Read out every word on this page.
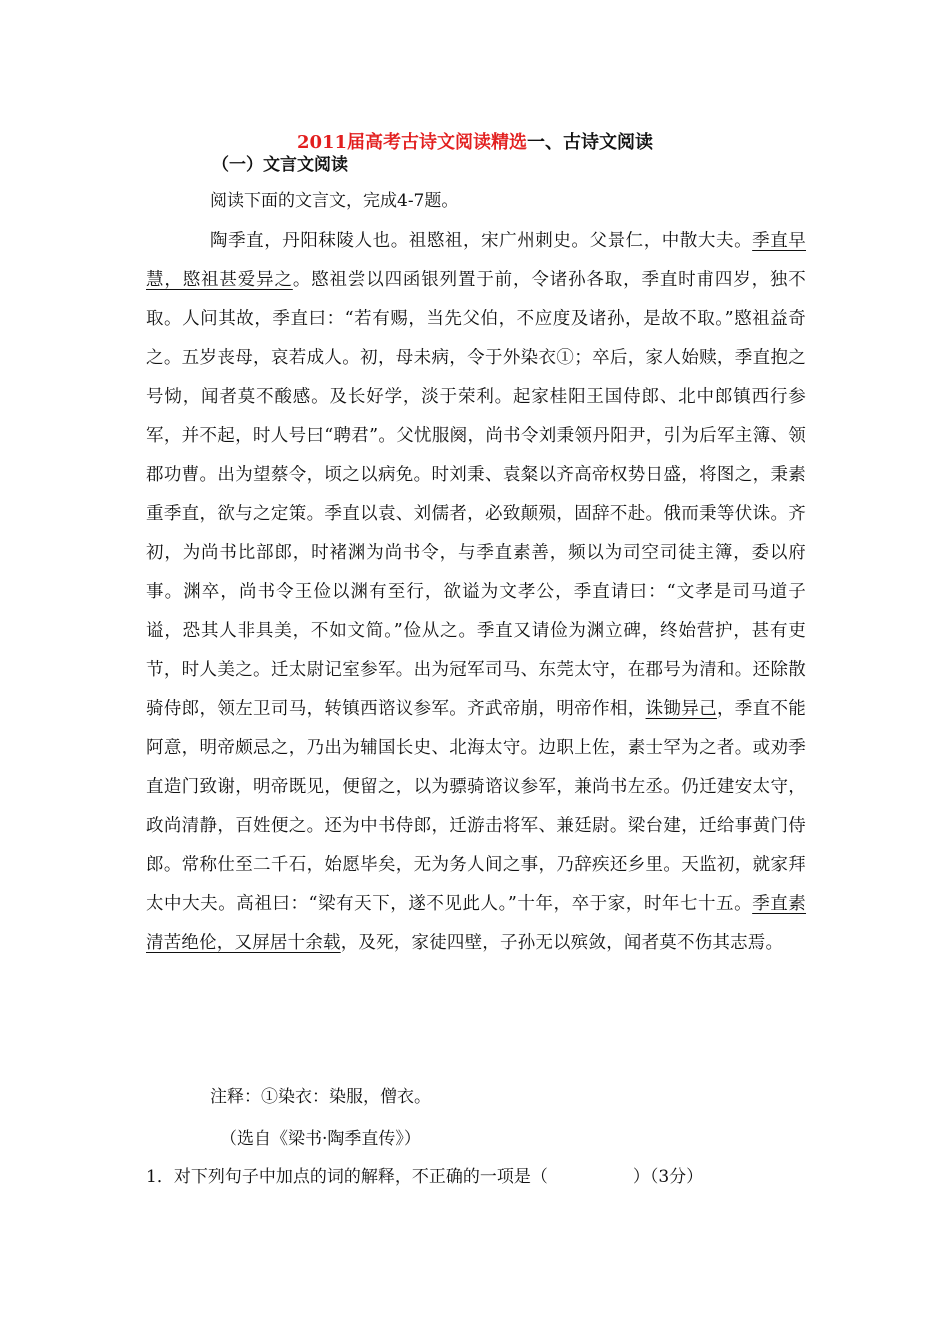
2011届高考古诗文阅读精选一、古诗文阅读
（一）文言文阅读
阅读下面的文言文，完成4-7题。

陶季直，丹阳秣陵人也。祖愍祖，宋广州刺史。父景仁，中散大夫。季直早慧，愍祖甚爱异之。愍祖尝以四函银列置于前，令诸孙各取，季直时甫四岁，独不取。人问其故，季直曰：“若有赐，当先父伯，不应度及诸孙，是故不取。”愍祖益奇之。五岁丧母，哀若成人。初，母未病，令于外染衣①；卒后，家人始赎，季直抱之号恸，闻者莫不酸感。及长好学，淡于荣利。起家桂阳王国侍郎、北中郎镇西行参军，并不起，时人号曰“聘君”。父忧服阕，尚书令刘秉领丹阳尹，引为后军主簿、领郡功曹。出为望蔡令，顷之以病免。时刘秉、袁粲以齐高帝权势日盛，将图之，秉素重季直，欲与之定策。季直以袁、刘儒者，必致颠殒，固辞不赴。俄而秉等伏诛。齐初，为尚书比部郎，时褚渊为尚书令，与季直素善，频以为司空司徒主簿，委以府事。渊卒，尚书令王俭以渊有至行，欲谥为文孝公，季直请曰：“文孝是司马道子谥，恐其人非具美，不如文简。”俭从之。季直又请俭为渊立碑，终始营护，甚有吏节，时人美之。迁太尉记室参军。出为冠军司马、东莞太守，在郡号为清和。还除散骑侍郎，领左卫司马，转镇西谘议参军。齐武帝崩，明帝作相，诛锄异己，季直不能阿意，明帝颇忌之，乃出为辅国长史、北海太守。边职上佐，素士罕为之者。或劝季直造门致谢，明帝既见，便留之，以为骠骑谘议参军，兼尚书左丞。仍迁建安太守，政尚清静，百姓便之。还为中书侍郎，迁游击将军、兼廷尉。梁台建，迁给事黄门侍郎。常称仕至二千石，始愿毕矣，无为务人间之事，乃辞疾还乡里。天监初，就家拜太中大夫。高祖曰：“梁有天下，遂不见此人。”十年，卒于家，时年七十五。季直素清苦绝伦，又屏居十余载，及死，家徒四壁，子孙无以殡敛，闻者莫不伤其志焉。

注释：①染衣：染服，僧衣。
（选自《梁书·陶季直传》）
1．对下列句子中加点的词的解释，不正确的一项是（　　　　　）（3分）
